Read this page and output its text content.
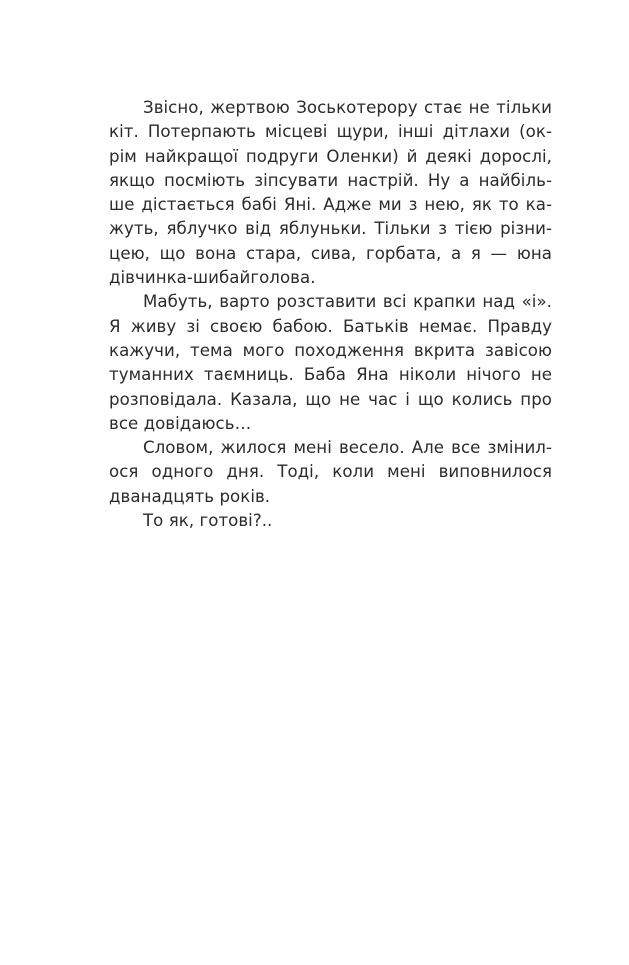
Звісно, жертвою Зоськотерору стає не тільки
кіт. Потерпають місцеві щури, інші дітлахи (ок-
рім найкращої подруги Оленки) й деякі дорослі,
якщо посміють зіпсувати настрій. Ну а найбіль-
ше дістається бабі Яні. Адже ми з нею, як то ка-
жуть, яблучко від яблуньки. Тільки з тією різни-
цею, що вона стара, сива, горбата, а я — юна
дівчинка-шибайголова.
Мабуть, варто розставити всі крапки над «і».
Я живу зі своєю бабою. Батьків немає. Правду
кажучи, тема мого походження вкрита завісою
туманних таємниць. Баба Яна ніколи нічого не
розповідала. Казала, що не час і що колись про
все довідаюсь…
Словом, жилося мені весело. Але все змінил-
ося одного дня. Тоді, коли мені виповнилося
дванадцять років.
То як, готові?..
